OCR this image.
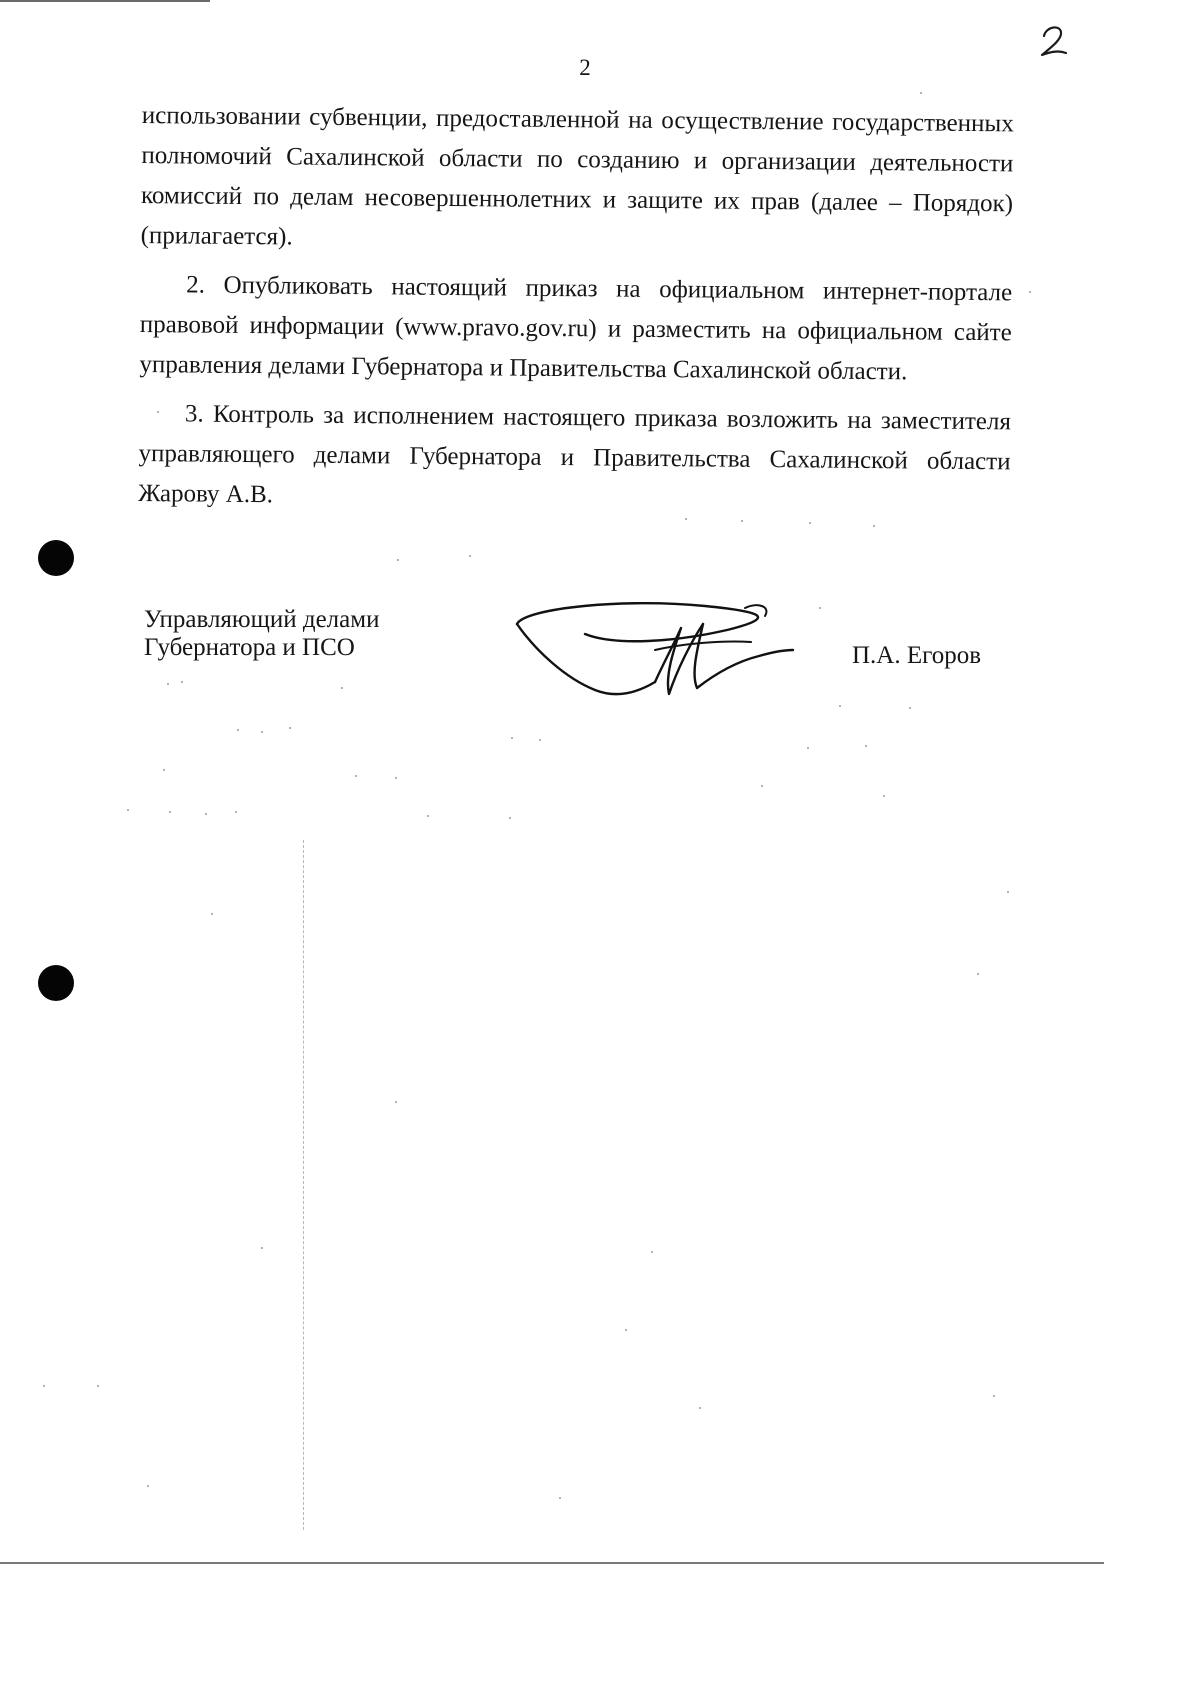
2

использовании субвенции, предоставленной на осуществление государственных полномочий Сахалинской области по созданию и организации деятельности комиссий по делам несовершеннолетних и защите их прав (далее – Порядок) (прилагается).

2. Опубликовать настоящий приказ на официальном интернет-портале правовой информации (www.pravo.gov.ru) и разместить на официальном сайте управления делами Губернатора и Правительства Сахалинской области.

3. Контроль за исполнением настоящего приказа возложить на заместителя управляющего делами Губернатора и Правительства Сахалинской области Жарову А.В.

Управляющий делами
Губернатора и ПСО	П.А. Егоров
